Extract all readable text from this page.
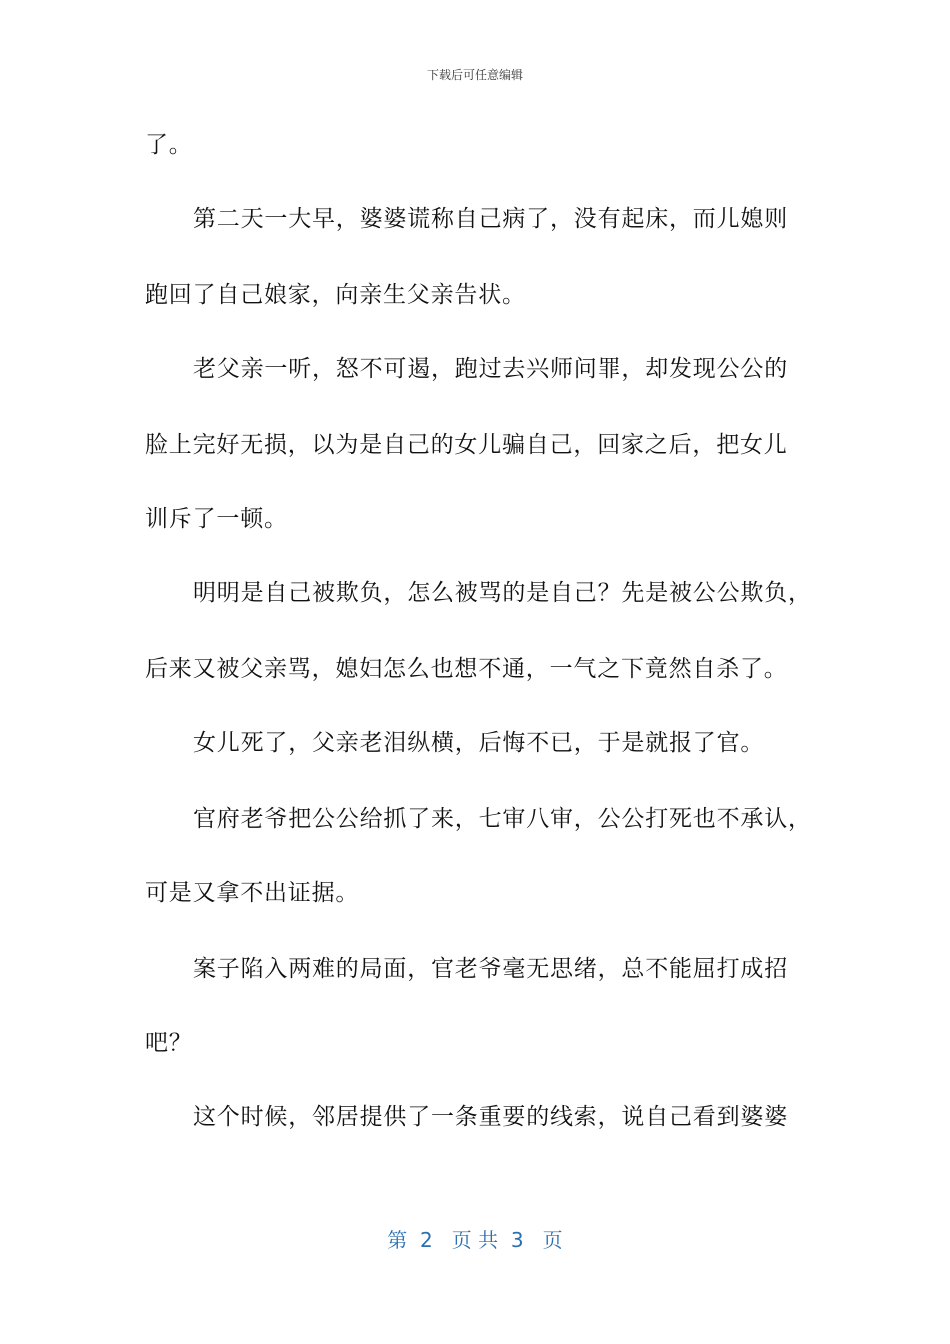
下载后可任意编辑
了。
第二天一大早，婆婆谎称自己病了，没有起床，而儿媳则
跑回了自己娘家，向亲生父亲告状。
老父亲一听，怒不可遏，跑过去兴师问罪，却发现公公的
脸上完好无损，以为是自己的女儿骗自己，回家之后，把女儿
训斥了一顿。
明明是自己被欺负，怎么被骂的是自己？先是被公公欺负，
后来又被父亲骂，媳妇怎么也想不通，一气之下竟然自杀了。
女儿死了，父亲老泪纵横，后悔不已，于是就报了官。
官府老爷把公公给抓了来，七审八审，公公打死也不承认，
可是又拿不出证据。
案子陷入两难的局面，官老爷毫无思绪，总不能屈打成招
吧？
这个时候，邻居提供了一条重要的线索，说自己看到婆婆
第  2   页 共  3   页
